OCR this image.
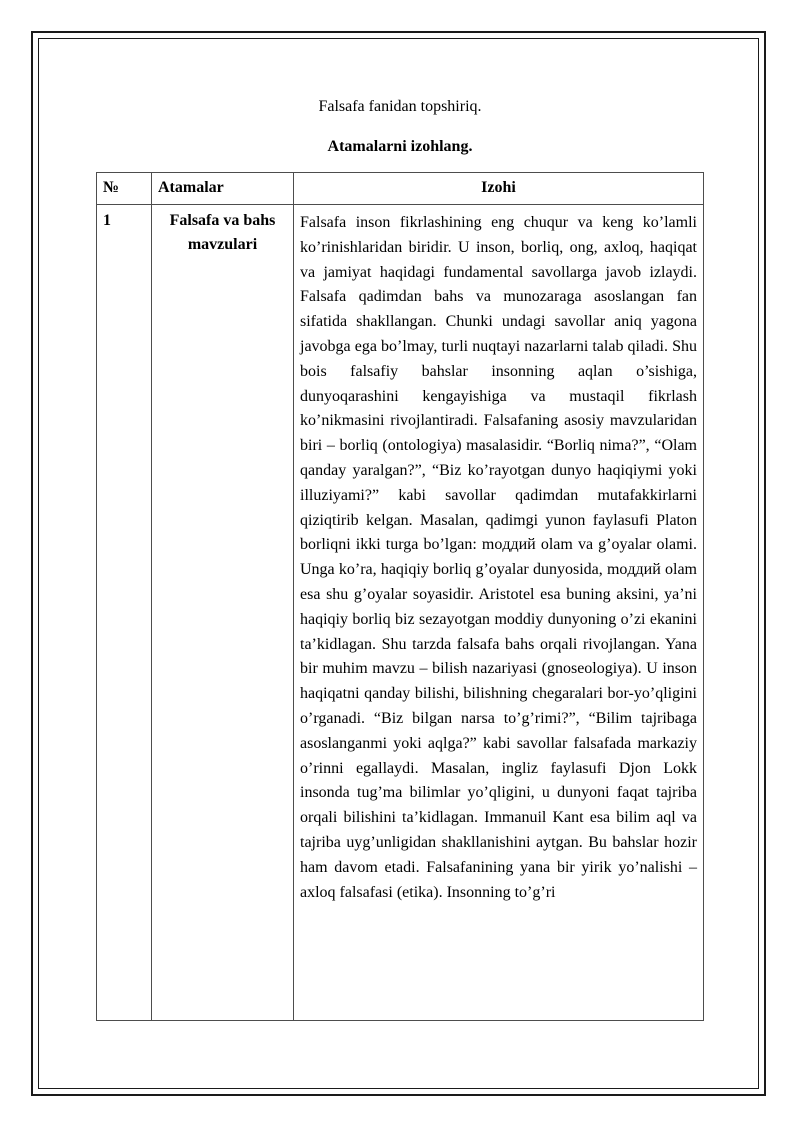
Falsafa fanidan topshiriq.
Atamalarni izohlang.
№	Atamalar	Izohi
1	Falsafa va bahs mavzulari	Falsafa inson fikrlashining eng chuqur va keng ko’lamli ko’rinishlaridan biridir. U inson, borliq, ong, axloq, haqiqat va jamiyat haqidagi fundamental savollarga javob izlaydi. Falsafa qadimdan bahs va munozaraga asoslangan fan sifatida shakllangan. Chunki undagi savollar aniq yagona javobga ega bo’lmay, turli nuqtayi nazarlarni talab qiladi. Shu bois falsafiy bahslar insonning aqlan o’sishiga, dunyoqarashini kengayishiga va mustaqil fikrlash ko’nikmasini rivojlantiradi. Falsafaning asosiy mavzularidan biri – borliq (ontologiya) masalasidir. “Borliq nima?”, “Olam qanday yaralgan?”, “Biz ko’rayotgan dunyo haqiqiymi yoki illuziyami?” kabi savollar qadimdan mutafakkirlarni qiziqtirib kelgan. Masalan, qadimgi yunon faylasufi Platon borliqni ikki turga bo’lgan: moддий olam va g’oyalar olami. Unga ko’ra, haqiqiy borliq g’oyalar dunyosida, moддий olam esa shu g’oyalar soyasidir. Aristotel esa buning aksini, ya’ni haqiqiy borliq biz sezayotgan moddiy dunyoning o’zi ekanini ta’kidlagan. Shu tarzda falsafa bahs orqali rivojlangan. Yana bir muhim mavzu – bilish nazariyasi (gnoseologiya). U inson haqiqatni qanday bilishi, bilishning chegaralari bor-yo’qligini o’rganadi. “Biz bilgan narsa to’g’rimi?”, “Bilim tajribaga asoslanganmi yoki aqlga?” kabi savollar falsafada markaziy o’rinni egallaydi. Masalan, ingliz faylasufi Djon Lokk insonda tug’ma bilimlar yo’qligini, u dunyoni faqat tajriba orqali bilishini ta’kidlagan. Immanuil Kant esa bilim aql va tajriba uyg’unligidan shakllanishini aytgan. Bu bahslar hozir ham davom etadi. Falsafanining yana bir yirik yo’nalishi – axloq falsafasi (etika). Insonning to’g’ri
